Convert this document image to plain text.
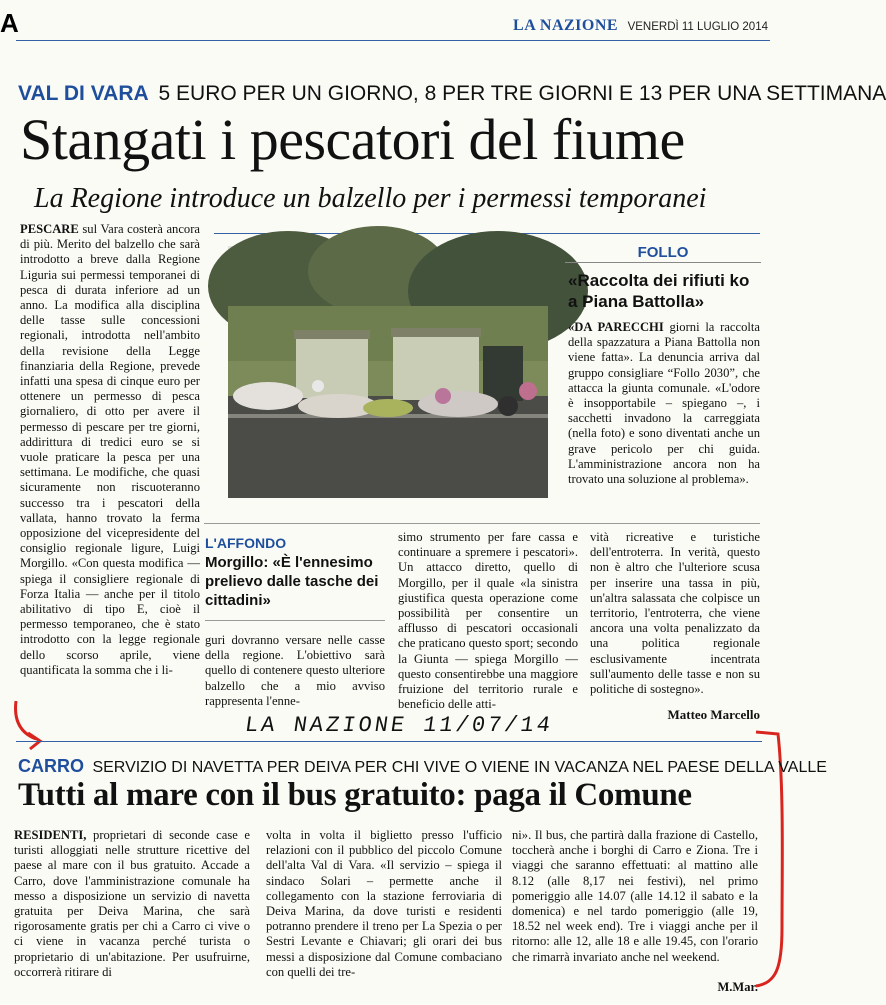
A	LA NAZIONE VENERDÌ 11 LUGLIO 2014
VAL DI VARA 5 EURO PER UN GIORNO, 8 PER TRE GIORNI E 13 PER UNA SETTIMANA
Stangati i pescatori del fiume
La Regione introduce un balzello per i permessi temporanei
PESCARE sul Vara costerà ancora di più. Merito del balzello che sarà introdotto a breve dalla Regione Liguria sui permessi temporanei di pesca di durata inferiore ad un anno. La modifica alla disciplina delle tasse sulle concessioni regionali, introdotta nell'ambito della revisione della Legge finanziaria della Regione, prevede infatti una spesa di cinque euro per ottenere un permesso di pesca giornaliero, di otto per avere il permesso di pescare per tre giorni, addirittura di tredici euro se si vuole praticare la pesca per una settimana. Le modifiche, che quasi sicuramente non riscuoteranno successo tra i pescatori della vallata, hanno trovato la ferma opposizione del vicepresidente del consiglio regionale ligure, Luigi Morgillo. «Con questa modifica — spiega il consigliere regionale di Forza Italia — anche per il titolo abilitativo di tipo E, cioè il permesso temporaneo, che è stato introdotto con la legge regionale dello scorso aprile, viene quantificata la somma che i li-
FOLLO
«Raccolta dei rifiuti ko a Piana Battolla»
«DA PARECCHI giorni la raccolta della spazzatura a Piana Battolla non viene fatta». La denuncia arriva dal gruppo consigliare “Follo 2030”, che attacca la giunta comunale. «L'odore è insopportabile – spiegano –, i sacchetti invadono la carreggiata (nella foto) e sono diventati anche un grave pericolo per chi guida. L'amministrazione ancora non ha trovato una soluzione al problema».
L'AFFONDO
Morgillo: «È l'ennesimo prelievo dalle tasche dei cittadini»
guri dovranno versare nelle casse della regione. L'obiettivo sarà quello di contenere questo ulteriore balzello che a mio avviso rappresenta l'enne-
simo strumento per fare cassa e continuare a spremere i pescatori». Un attacco diretto, quello di Morgillo, per il quale «la sinistra giustifica questa operazione come possibilità per consentire un afflusso di pescatori occasionali che praticano questo sport; secondo la Giunta — spiega Morgillo — questo consentirebbe una maggiore fruizione del territorio rurale e beneficio delle atti-
vità ricreative e turistiche dell'entroterra. In verità, questo non è altro che l'ulteriore scusa per inserire una tassa in più, un'altra salassata che colpisce un territorio, l'entroterra, che viene ancora una volta penalizzato da una politica regionale esclusivamente incentrata sull'aumento delle tasse e non su politiche di sostegno».
Matteo Marcello
LA NAZIONE 11/07/14
CARRO SERVIZIO DI NAVETTA PER DEIVA PER CHI VIVE O VIENE IN VACANZA NEL PAESE DELLA VALLE
Tutti al mare con il bus gratuito: paga il Comune
RESIDENTI, proprietari di seconde case e turisti alloggiati nelle strutture ricettive del paese al mare con il bus gratuito. Accade a Carro, dove l'amministrazione comunale ha messo a disposizione un servizio di navetta gratuita per Deiva Marina, che sarà rigorosamente gratis per chi a Carro ci vive o ci viene in vacanza perché turista o proprietario di un'abitazione. Per usufruirne, occorrerà ritirare di
volta in volta il biglietto presso l'ufficio relazioni con il pubblico del piccolo Comune dell'alta Val di Vara. «Il servizio – spiega il sindaco Solari – permette anche il collegamento con la stazione ferroviaria di Deiva Marina, da dove turisti e residenti potranno prendere il treno per La Spezia o per Sestri Levante e Chiavari; gli orari dei bus messi a disposizione dal Comune combaciano con quelli dei tre-
ni». Il bus, che partirà dalla frazione di Castello, toccherà anche i borghi di Carro e Ziona. Tre i viaggi che saranno effettuati: al mattino alle 8.12 (alle 8,17 nei festivi), nel primo pomeriggio alle 14.07 (alle 14.12 il sabato e la domenica) e nel tardo pomeriggio (alle 19, 18.52 nel week end). Tre i viaggi anche per il ritorno: alle 12, alle 18 e alle 19.45, con l'orario che rimarrà invariato anche nel weekend.
M.Mar.
